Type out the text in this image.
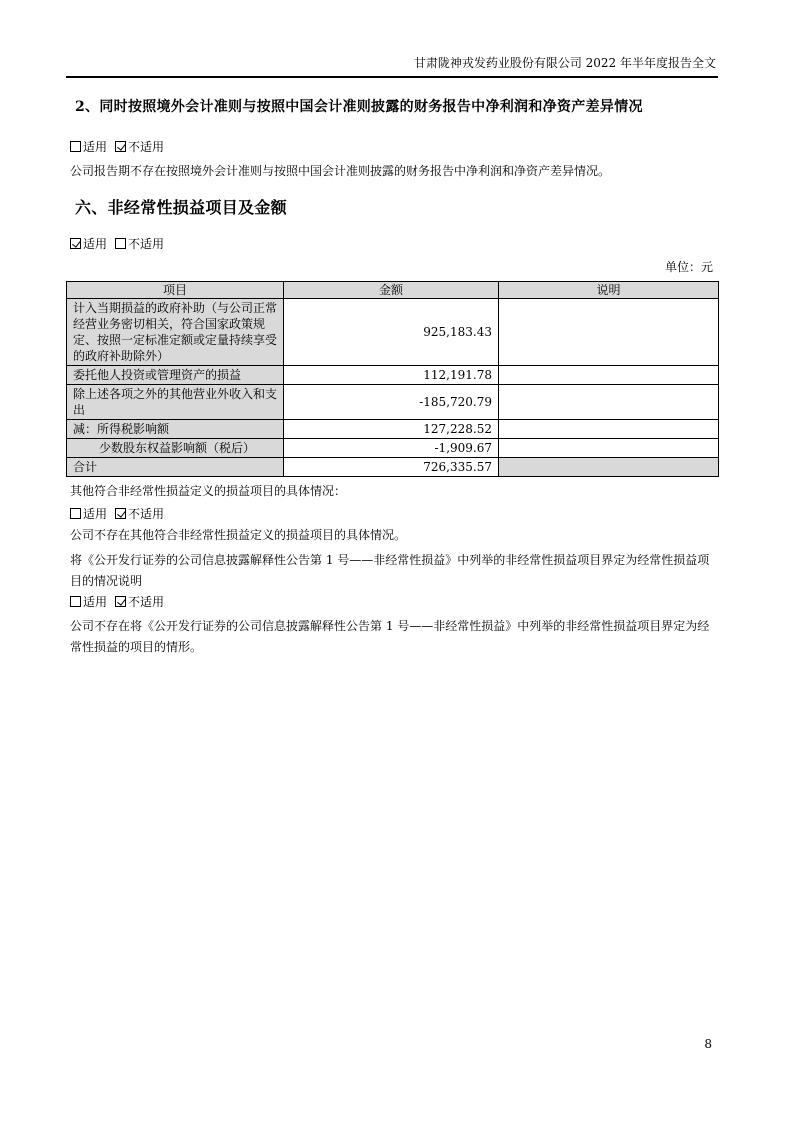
甘肃陇神戎发药业股份有限公司 2022 年半年度报告全文
2、同时按照境外会计准则与按照中国会计准则披露的财务报告中净利润和净资产差异情况
适用 不适用

公司报告期不存在按照境外会计准则与按照中国会计准则披露的财务报告中净利润和净资产差异情况。

六、非经常性损益项目及金额
适用 不适用
单位：元
项目	金额	说明
计入当期损益的政府补助（与公司正常经营业务密切相关，符合国家政策规定、按照一定标准定额或定量持续享受的政府补助除外）	925,183.43	
委托他人投资或管理资产的损益	112,191.78	
除上述各项之外的其他营业外收入和支出	-185,720.79	
减：所得税影响额	127,228.52	
少数股东权益影响额（税后）	-1,909.67	
合计	726,335.57	

其他符合非经常性损益定义的损益项目的具体情况：

适用 不适用

公司不存在其他符合非经常性损益定义的损益项目的具体情况。

将《公开发行证券的公司信息披露解释性公告第 1 号——非经常性损益》中列举的非经常性损益项目界定为经常性损益项目的情况说明

适用 不适用

公司不存在将《公开发行证券的公司信息披露解释性公告第 1 号——非经常性损益》中列举的非经常性损益项目界定为经常性损益的项目的情形。

8
